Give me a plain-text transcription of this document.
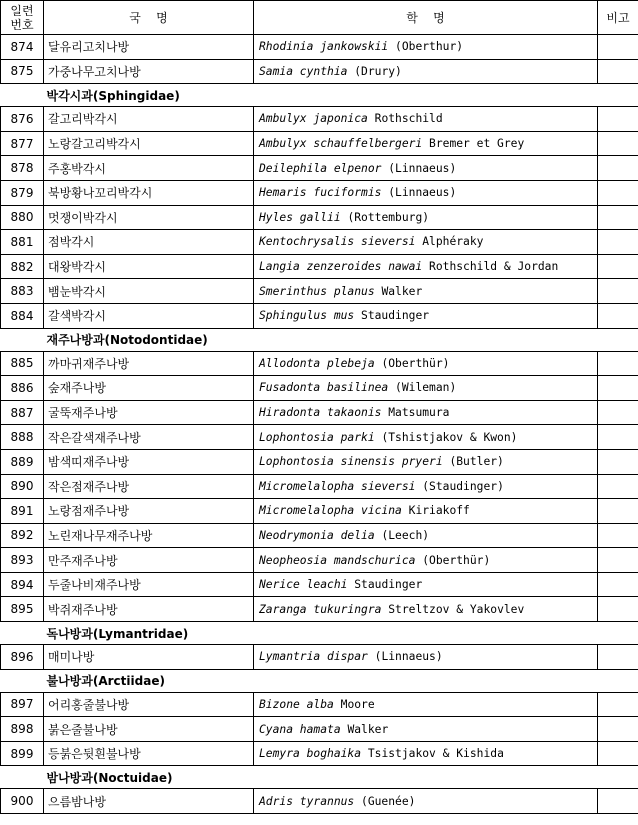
일련
번호	국    명	학    명	비고
874	달유리고치나방	Rhodinia jankowskii (Oberthur)	
875	가중나무고치나방	Samia cynthia (Drury)	
박각시과(Sphingidae)			
876	갈고리박각시	Ambulyx japonica Rothschild	
877	노랑갈고리박각시	Ambulyx schauffelbergeri Bremer et Grey	
878	주홍박각시	Deilephila elpenor (Linnaeus)	
879	북방황나꼬리박각시	Hemaris fuciformis (Linnaeus)	
880	멋쟁이박각시	Hyles gallii (Rottemburg)	
881	점박각시	Kentochrysalis sieversi Alphéraky	
882	대왕박각시	Langia zenzeroides nawai Rothschild & Jordan	
883	뱀눈박각시	Smerinthus planus Walker	
884	갈색박각시	Sphingulus mus Staudinger	
재주나방과(Notodontidae)			
885	까마귀재주나방	Allodonta plebeja (Oberthür)	
886	숲재주나방	Fusadonta basilinea (Wileman)	
887	굴뚝재주나방	Hiradonta takaonis Matsumura	
888	작은갈색재주나방	Lophontosia parki (Tshistjakov & Kwon)	
889	밤색띠재주나방	Lophontosia sinensis pryeri (Butler)	
890	작은점재주나방	Micromelalopha sieversi (Staudinger)	
891	노랑점재주나방	Micromelalopha vicina Kiriakoff	
892	노린재나무재주나방	Neodrymonia delia (Leech)	
893	만주재주나방	Neopheosia mandschurica (Oberthür)	
894	두줄나비재주나방	Nerice leachi Staudinger	
895	박쥐재주나방	Zaranga tukuringra Streltzov & Yakovlev	
독나방과(Lymantridae)			
896	매미나방	Lymantria dispar (Linnaeus)	
불나방과(Arctiidae)			
897	어리홍줄불나방	Bizone alba Moore	
898	붉은줄불나방	Cyana hamata Walker	
899	등붉은뒷흰불나방	Lemyra boghaika Tsistjakov & Kishida	
밤나방과(Noctuidae)			
900	으름밤나방	Adris tyrannus (Guenée)	
